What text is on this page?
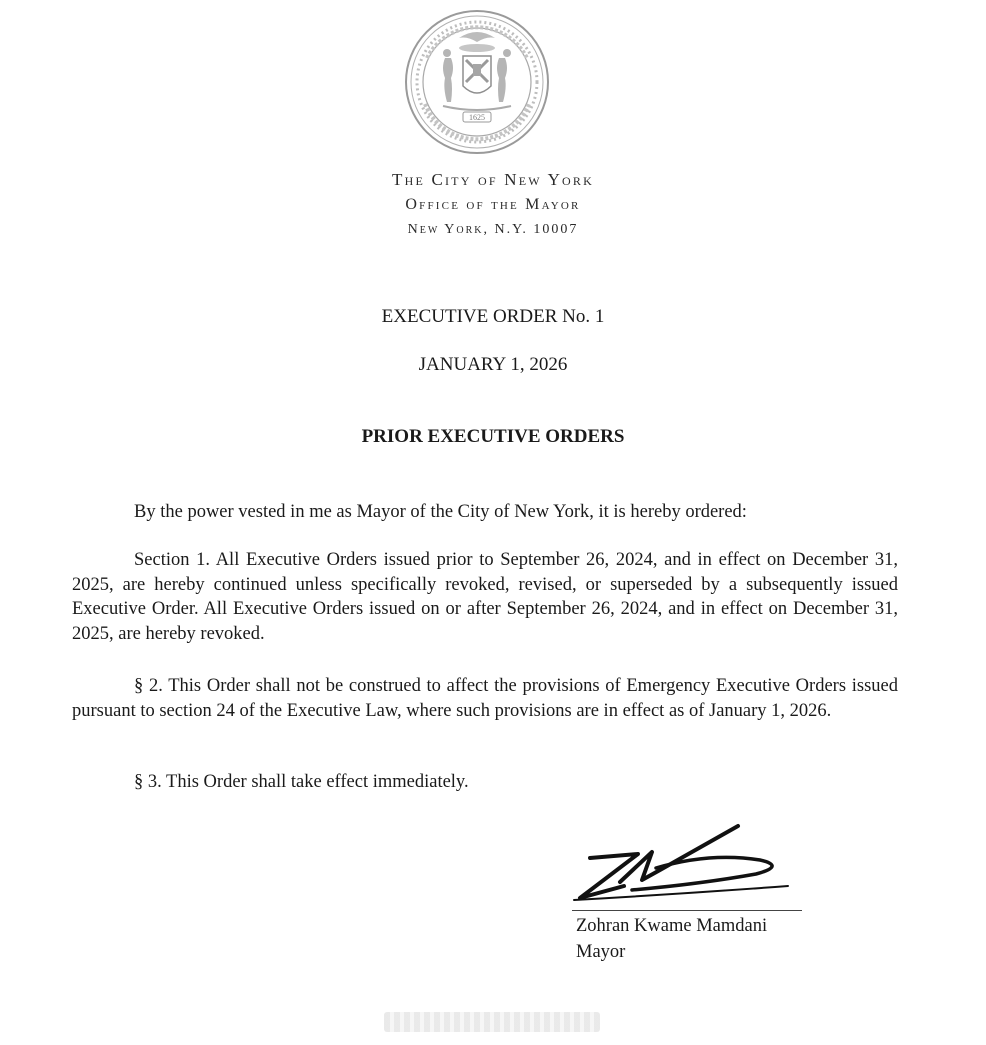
1625
The City of New York
Office of the Mayor
New York, N.Y. 10007
EXECUTIVE ORDER No. 1
JANUARY 1, 2026
PRIOR EXECUTIVE ORDERS
By the power vested in me as Mayor of the City of New York, it is hereby ordered:
Section 1. All Executive Orders issued prior to September 26, 2024, and in effect on December 31, 2025, are hereby continued unless specifically revoked, revised, or superseded by a subsequently issued Executive Order. All Executive Orders issued on or after September 26, 2024, and in effect on December 31, 2025, are hereby revoked.
§ 2. This Order shall not be construed to affect the provisions of Emergency Executive Orders issued pursuant to section 24 of the Executive Law, where such provisions are in effect as of January 1, 2026.
§ 3. This Order shall take effect immediately.
Zohran Kwame Mamdani
Mayor
